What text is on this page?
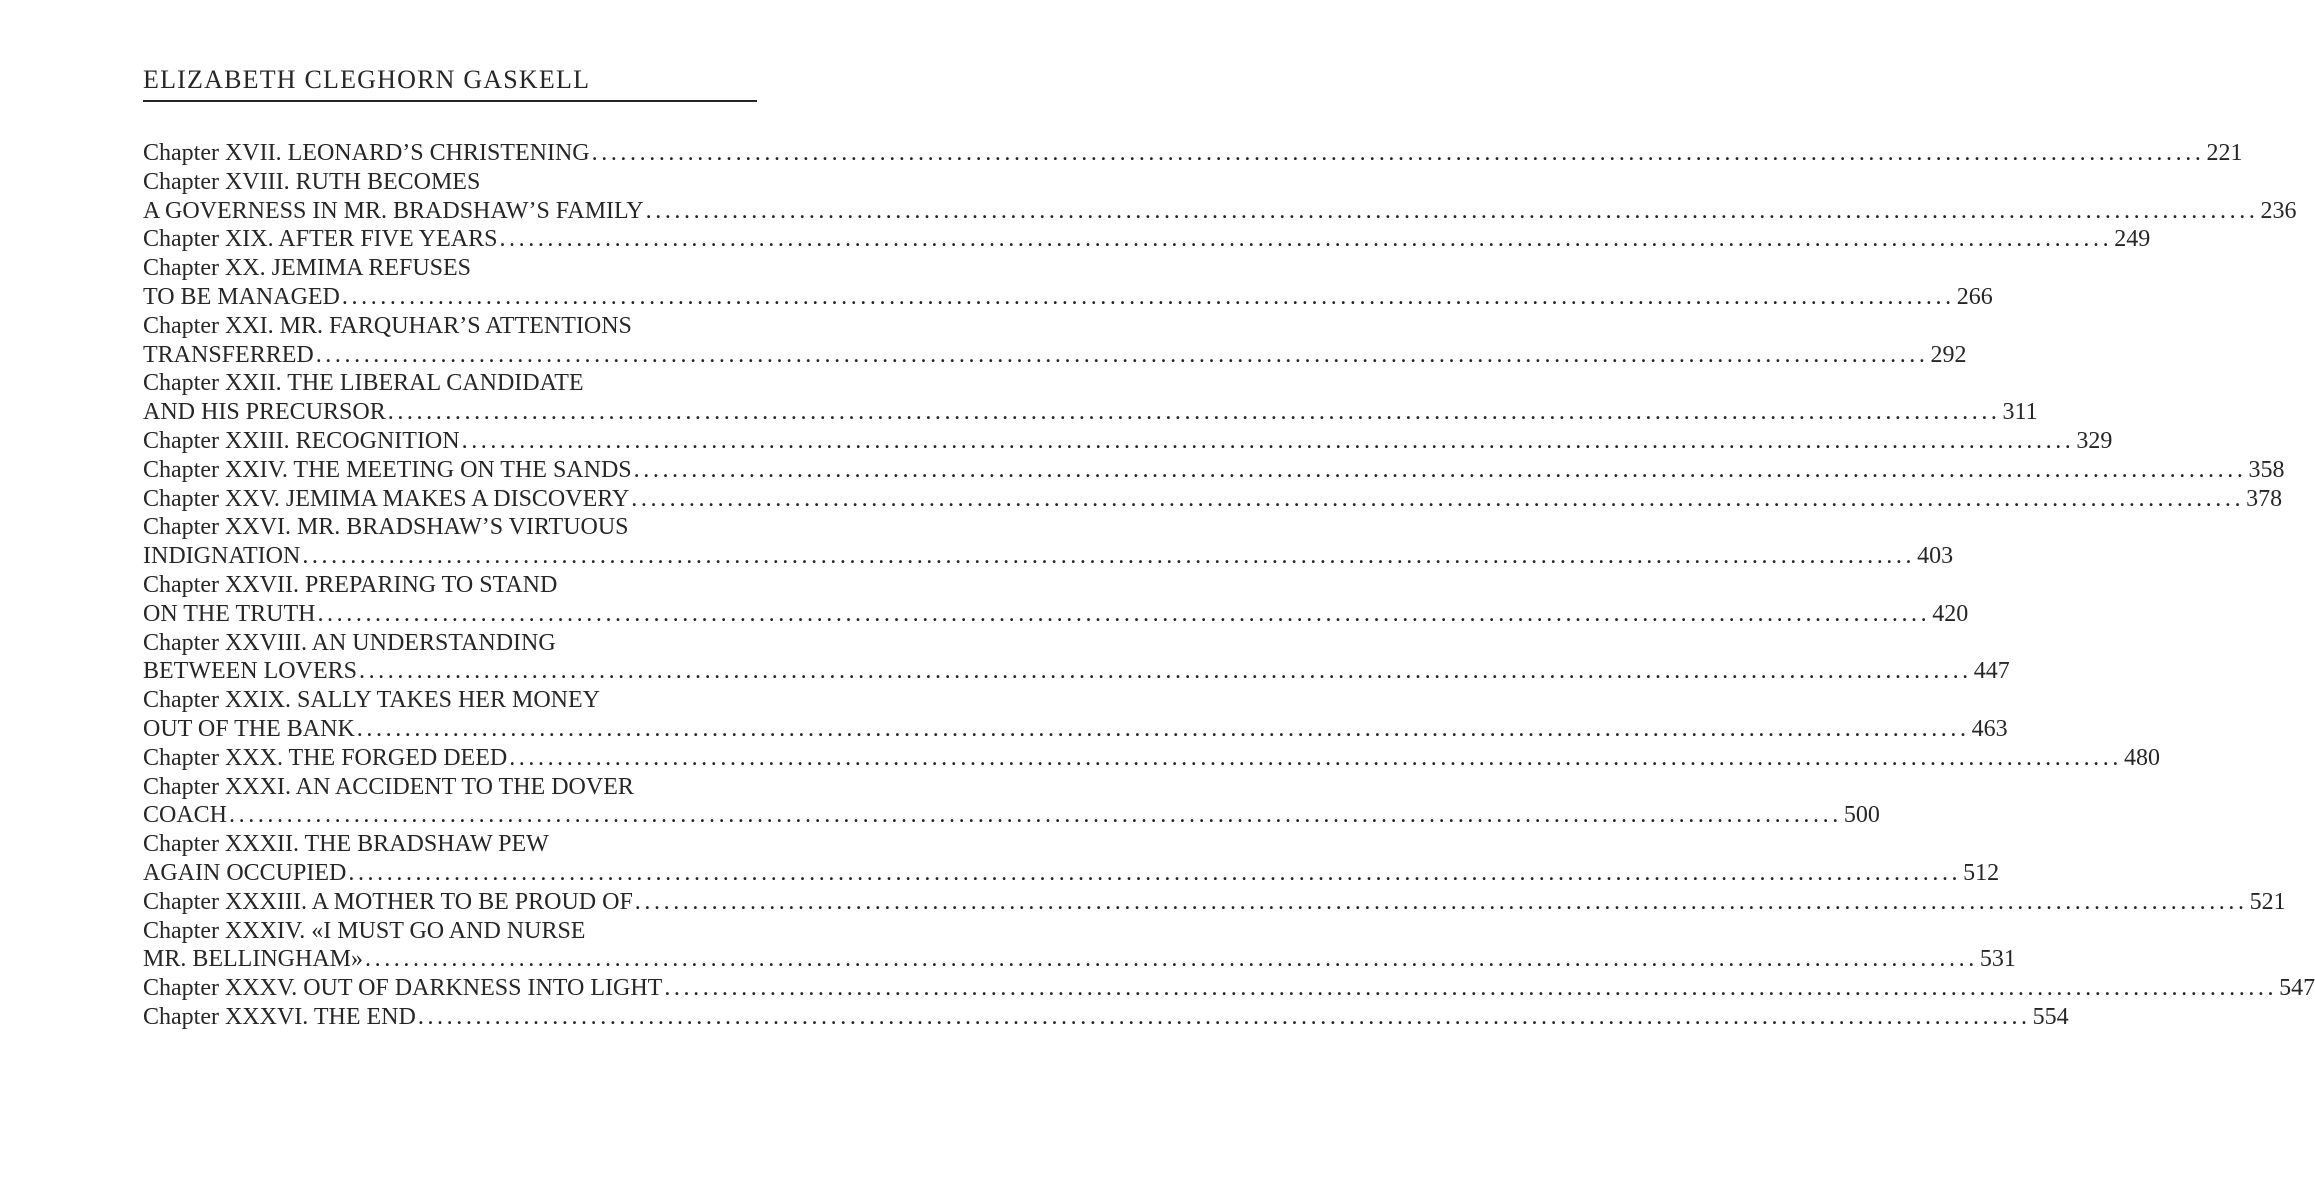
ELIZABETH CLEGHORN GASKELL
Chapter XVII. LEONARD’S CHRISTENING ........................................................................................................................................................................ 221
Chapter XVIII. RUTH BECOMES
A GOVERNESS IN MR. BRADSHAW’S FAMILY ........................................................................................................................................................................ 236
Chapter XIX. AFTER FIVE YEARS ........................................................................................................................................................................ 249
Chapter XX. JEMIMA REFUSES
TO BE MANAGED ........................................................................................................................................................................ 266
Chapter XXI. MR. FARQUHAR’S ATTENTIONS
TRANSFERRED ........................................................................................................................................................................ 292
Chapter XXII. THE LIBERAL CANDIDATE
AND HIS PRECURSOR ........................................................................................................................................................................ 311
Chapter XXIII. RECOGNITION ........................................................................................................................................................................ 329
Chapter XXIV. THE MEETING ON THE SANDS ........................................................................................................................................................................ 358
Chapter XXV. JEMIMA MAKES A DISCOVERY ........................................................................................................................................................................ 378
Chapter XXVI. MR. BRADSHAW’S VIRTUOUS
INDIGNATION ........................................................................................................................................................................ 403
Chapter XXVII. PREPARING TO STAND
ON THE TRUTH ........................................................................................................................................................................ 420
Chapter XXVIII. AN UNDERSTANDING
BETWEEN LOVERS ........................................................................................................................................................................ 447
Chapter XXIX. SALLY TAKES HER MONEY
OUT OF THE BANK ........................................................................................................................................................................ 463
Chapter XXX. THE FORGED DEED ........................................................................................................................................................................ 480
Chapter XXXI. AN ACCIDENT TO THE DOVER
COACH ........................................................................................................................................................................ 500
Chapter XXXII. THE BRADSHAW PEW
AGAIN OCCUPIED ........................................................................................................................................................................ 512
Chapter XXXIII. A MOTHER TO BE PROUD OF ........................................................................................................................................................................ 521
Chapter XXXIV. «I MUST GO AND NURSE
MR. BELLINGHAM» ........................................................................................................................................................................ 531
Chapter XXXV. OUT OF DARKNESS INTO LIGHT ........................................................................................................................................................................ 547
Chapter XXXVI. THE END ........................................................................................................................................................................ 554
